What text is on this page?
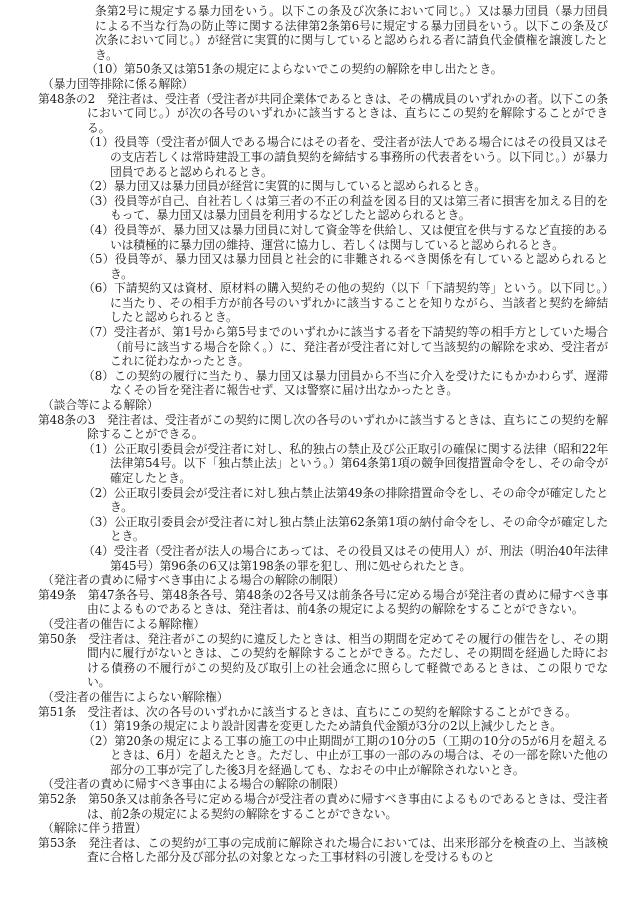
条第2号に規定する暴力団をいう。以下この条及び次条において同じ。）又は暴力団員（暴力団員による不当な行為の防止等に関する法律第2条第6号に規定する暴力団員をいう。以下この条及び次条において同じ。）が経営に実質的に関与していると認められる者に請負代金債権を譲渡したとき。

（10）第50条又は第51条の規定によらないでこの契約の解除を申し出たとき。

（暴力団等排除に係る解除）

第48条の2　発注者は、受注者（受注者が共同企業体であるときは、その構成員のいずれかの者。以下この条において同じ。）が次の各号のいずれかに該当するときは、直ちにこの契約を解除することができる。

（1）役員等（受注者が個人である場合にはその者を、受注者が法人である場合にはその役員又はその支店若しくは常時建設工事の請負契約を締結する事務所の代表者をいう。以下同じ。）が暴力団員であると認められるとき。

（2）暴力団又は暴力団員が経営に実質的に関与していると認められるとき。

（3）役員等が自己、自社若しくは第三者の不正の利益を図る目的又は第三者に損害を加える目的をもって、暴力団又は暴力団員を利用するなどしたと認められるとき。

（4）役員等が、暴力団又は暴力団員に対して資金等を供給し、又は便宜を供与するなど直接的あるいは積極的に暴力団の維持、運営に協力し、若しくは関与していると認められるとき。

（5）役員等が、暴力団又は暴力団員と社会的に非難されるべき関係を有していると認められるとき。

（6）下請契約又は資材、原材料の購入契約その他の契約（以下「下請契約等」という。以下同じ。）に当たり、その相手方が前各号のいずれかに該当することを知りながら、当該者と契約を締結したと認められるとき。

（7）受注者が、第1号から第5号までのいずれかに該当する者を下請契約等の相手方としていた場合（前号に該当する場合を除く。）に、発注者が受注者に対して当該契約の解除を求め、受注者がこれに従わなかったとき。

（8）この契約の履行に当たり、暴力団又は暴力団員から不当に介入を受けたにもかかわらず、遅滞なくその旨を発注者に報告せず、又は警察に届け出なかったとき。

（談合等による解除）

第48条の3　発注者は、受注者がこの契約に関し次の各号のいずれかに該当するときは、直ちにこの契約を解除することができる。

（1）公正取引委員会が受注者に対し、私的独占の禁止及び公正取引の確保に関する法律（昭和22年法律第54号。以下「独占禁止法」という。）第64条第1項の競争回復措置命令をし、その命令が確定したとき。

（2）公正取引委員会が受注者に対し独占禁止法第49条の排除措置命令をし、その命令が確定したとき。

（3）公正取引委員会が受注者に対し独占禁止法第62条第1項の納付命令をし、その命令が確定したとき。

（4）受注者（受注者が法人の場合にあっては、その役員又はその使用人）が、刑法（明治40年法律第45号）第96条の6又は第198条の罪を犯し、刑に処せられたとき。

（発注者の責めに帰すべき事由による場合の解除の制限）

第49条　第47条各号、第48条各号、第48条の2各号又は前条各号に定める場合が発注者の責めに帰すべき事由によるものであるときは、発注者は、前4条の規定による契約の解除をすることができない。

（受注者の催告による解除権）

第50条　受注者は、発注者がこの契約に違反したときは、相当の期間を定めてその履行の催告をし、その期間内に履行がないときは、この契約を解除することができる。ただし、その期間を経過した時における債務の不履行がこの契約及び取引上の社会通念に照らして軽微であるときは、この限りでない。

（受注者の催告によらない解除権）

第51条　受注者は、次の各号のいずれかに該当するときは、直ちにこの契約を解除することができる。

（1）第19条の規定により設計図書を変更したため請負代金額が3分の2以上減少したとき。

（2）第20条の規定による工事の施工の中止期間が工期の10分の5（工期の10分の5が6月を超えるときは、6月）を超えたとき。ただし、中止が工事の一部のみの場合は、その一部を除いた他の部分の工事が完了した後3月を経過しても、なおその中止が解除されないとき。

（受注者の責めに帰すべき事由による場合の解除の制限）

第52条　第50条又は前条各号に定める場合が受注者の責めに帰すべき事由によるものであるときは、受注者は、前2条の規定による契約の解除をすることができない。

（解除に伴う措置）

第53条　発注者は、この契約が工事の完成前に解除された場合においては、出来形部分を検査の上、当該検査に合格した部分及び部分払の対象となった工事材料の引渡しを受けるものと
